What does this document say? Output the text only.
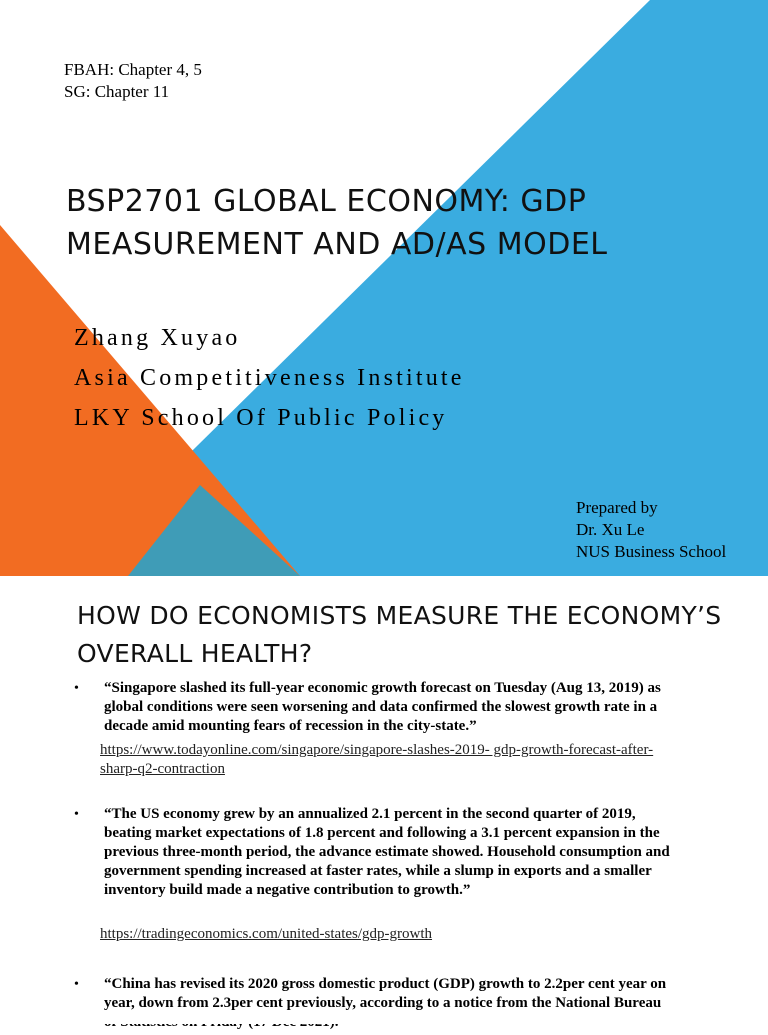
FBAH: Chapter 4, 5
SG: Chapter 11
BSP2701 GLOBAL ECONOMY: GDP MEASUREMENT AND AD/AS MODEL
Zhang Xuyao
Asia Competitiveness Institute
LKY School Of Public Policy
Prepared by
Dr. Xu Le
NUS Business School
HOW DO ECONOMISTS MEASURE THE ECONOMY’S OVERALL HEALTH?
• “Singapore slashed its full-year economic growth forecast on Tuesday (Aug 13, 2019) as global conditions were seen worsening and data confirmed the slowest growth rate in a decade amid mounting fears of recession in the city-state.”
https://www.todayonline.com/singapore/singapore-slashes-2019- gdp-growth-forecast-after-sharp-q2-contraction
• “The US economy grew by an annualized 2.1 percent in the second quarter of 2019, beating market expectations of 1.8 percent and following a 3.1 percent expansion in the previous three-month period, the advance estimate showed. Household consumption and government spending increased at faster rates, while a slump in exports and a smaller inventory build made a negative contribution to growth.”
https://tradingeconomics.com/united-states/gdp-growth
• “China has revised its 2020 gross domestic product (GDP) growth to 2.2per cent year on year, down from 2.3per cent previously, according to a notice from the National Bureau
